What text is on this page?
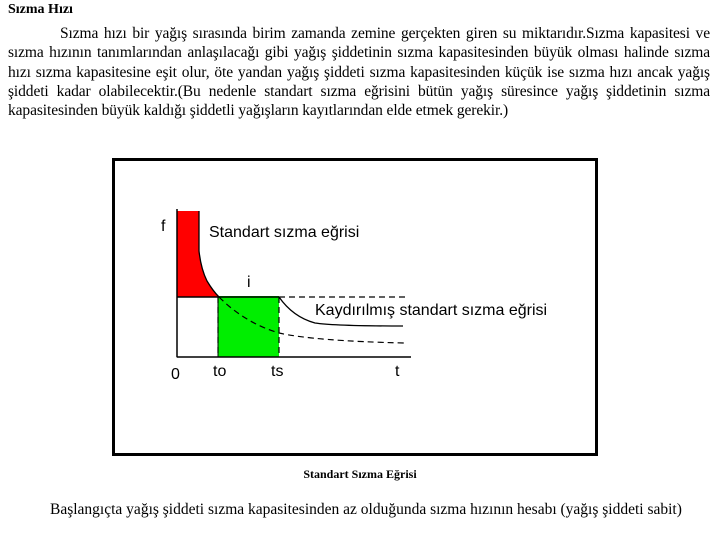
Sızma Hızı
Sızma hızı bir yağış sırasında birim zamanda zemine gerçekten giren su miktarıdır.Sızma kapasitesi ve sızma hızının tanımlarından anlaşılacağı gibi yağış şiddetinin sızma kapasitesinden büyük olması halinde sızma hızı sızma kapasitesine eşit olur, öte yandan yağış şiddeti sızma kapasitesinden küçük ise sızma hızı ancak yağış şiddeti kadar olabilecektir.(Bu nedenle standart sızma eğrisini bütün yağış süresince yağış şiddetinin sızma kapasitesinden büyük kaldığı şiddetli yağışların kayıtlarından elde etmek gerekir.)
f	Standart sızma eğrisi
i
Kaydırılmış standart sızma eğrisi
0 to	ts	t
Standart Sızma Eğrisi
Başlangıçta yağış şiddeti sızma kapasitesinden az olduğunda sızma hızının hesabı (yağış şiddeti sabit)
